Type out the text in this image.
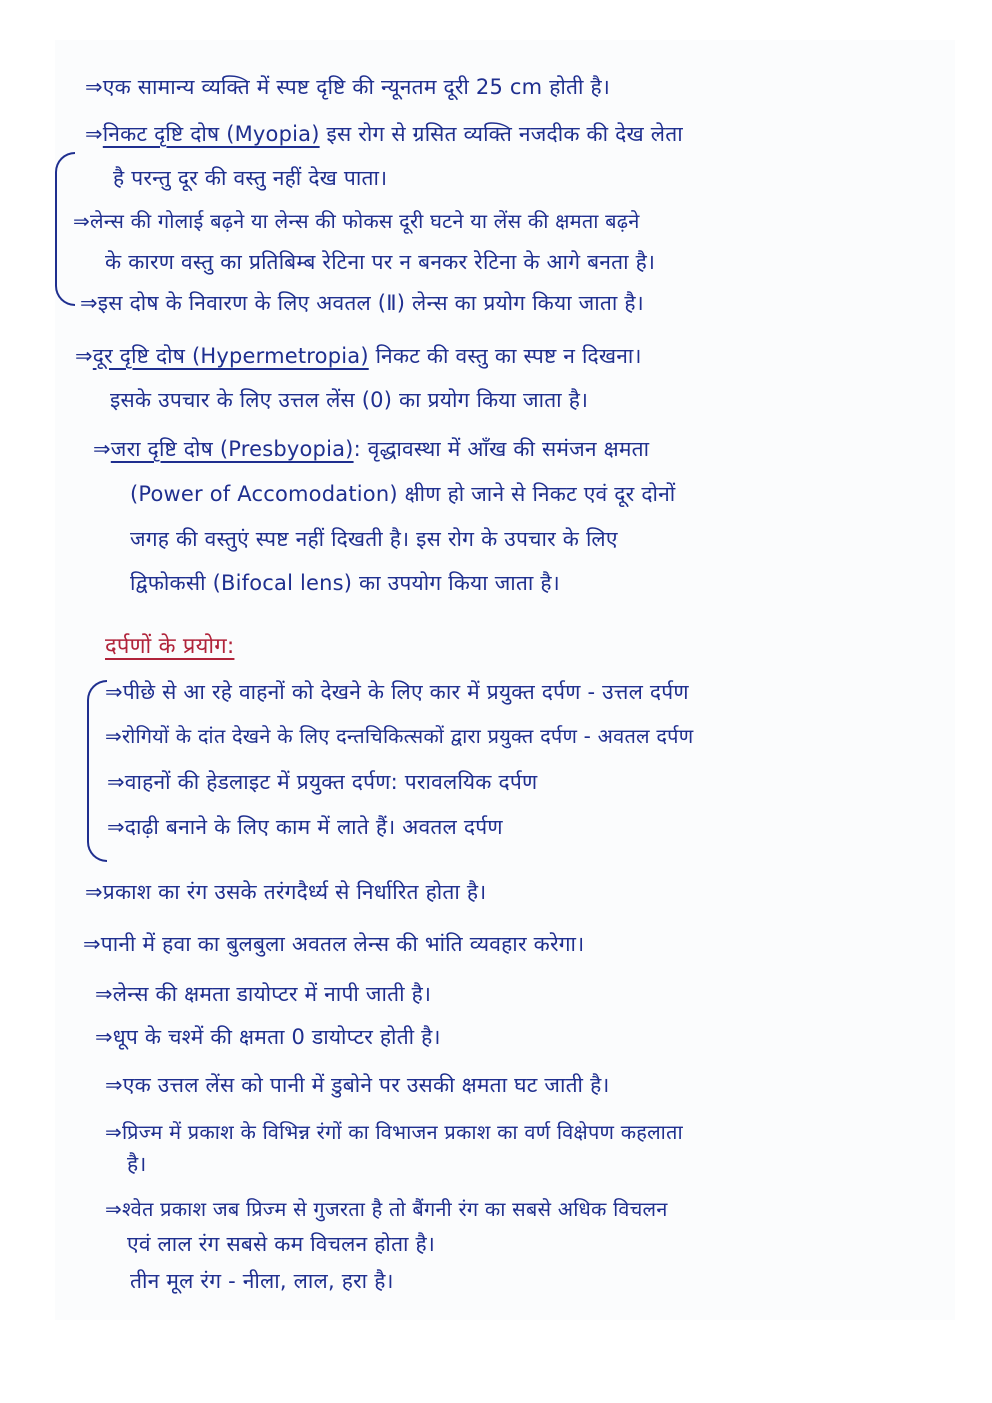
⇒एक सामान्य व्यक्ति में स्पष्ट दृष्टि की न्यूनतम दूरी 25 cm होती है।
⇒निकट दृष्टि दोष (Myopia) इस रोग से ग्रसित व्यक्ति नजदीक की देख लेता
है परन्तु दूर की वस्तु नहीं देख पाता।
⇒लेन्स की गोलाई बढ़ने या लेन्स की फोकस दूरी घटने या लेंस की क्षमता बढ़ने
के कारण वस्तु का प्रतिबिम्ब रेटिना पर न बनकर रेटिना के आगे बनता है।
⇒इस दोष के निवारण के लिए अवतल (Ⅱ) लेन्स का प्रयोग किया जाता है।
⇒दूर दृष्टि दोष (Hypermetropia) निकट की वस्तु का स्पष्ट न दिखना।
इसके उपचार के लिए उत्तल लेंस (0) का प्रयोग किया जाता है।
⇒जरा दृष्टि दोष (Presbyopia): वृद्धावस्था में आँख की समंजन क्षमता
(Power of Accomodation) क्षीण हो जाने से निकट एवं दूर दोनों
जगह की वस्तुएं स्पष्ट नहीं दिखती है। इस रोग के उपचार के लिए
द्विफोकसी (Bifocal lens) का उपयोग किया जाता है।
दर्पणों के प्रयोग:
⇒पीछे से आ रहे वाहनों को देखने के लिए कार में प्रयुक्त दर्पण - उत्तल दर्पण
⇒रोगियों के दांत देखने के लिए दन्तचिकित्सकों द्वारा प्रयुक्त दर्पण - अवतल दर्पण
⇒वाहनों की हेडलाइट में प्रयुक्त दर्पण: परावलयिक दर्पण
⇒दाढ़ी बनाने के लिए काम में लाते हैं। अवतल दर्पण
⇒प्रकाश का रंग उसके तरंगदैर्ध्य से निर्धारित होता है।
⇒पानी में हवा का बुलबुला अवतल लेन्स की भांति व्यवहार करेगा।
⇒लेन्स की क्षमता डायोप्टर में नापी जाती है।
⇒धूप के चश्में की क्षमता 0 डायोप्टर होती है।
⇒एक उत्तल लेंस को पानी में डुबोने पर उसकी क्षमता घट जाती है।
⇒प्रिज्म में प्रकाश के विभिन्न रंगों का विभाजन प्रकाश का वर्ण विक्षेपण कहलाता
है।
⇒श्वेत प्रकाश जब प्रिज्म से गुजरता है तो बैंगनी रंग का सबसे अधिक विचलन
एवं लाल रंग सबसे कम विचलन होता है।
तीन मूल रंग - नीला, लाल, हरा है।
